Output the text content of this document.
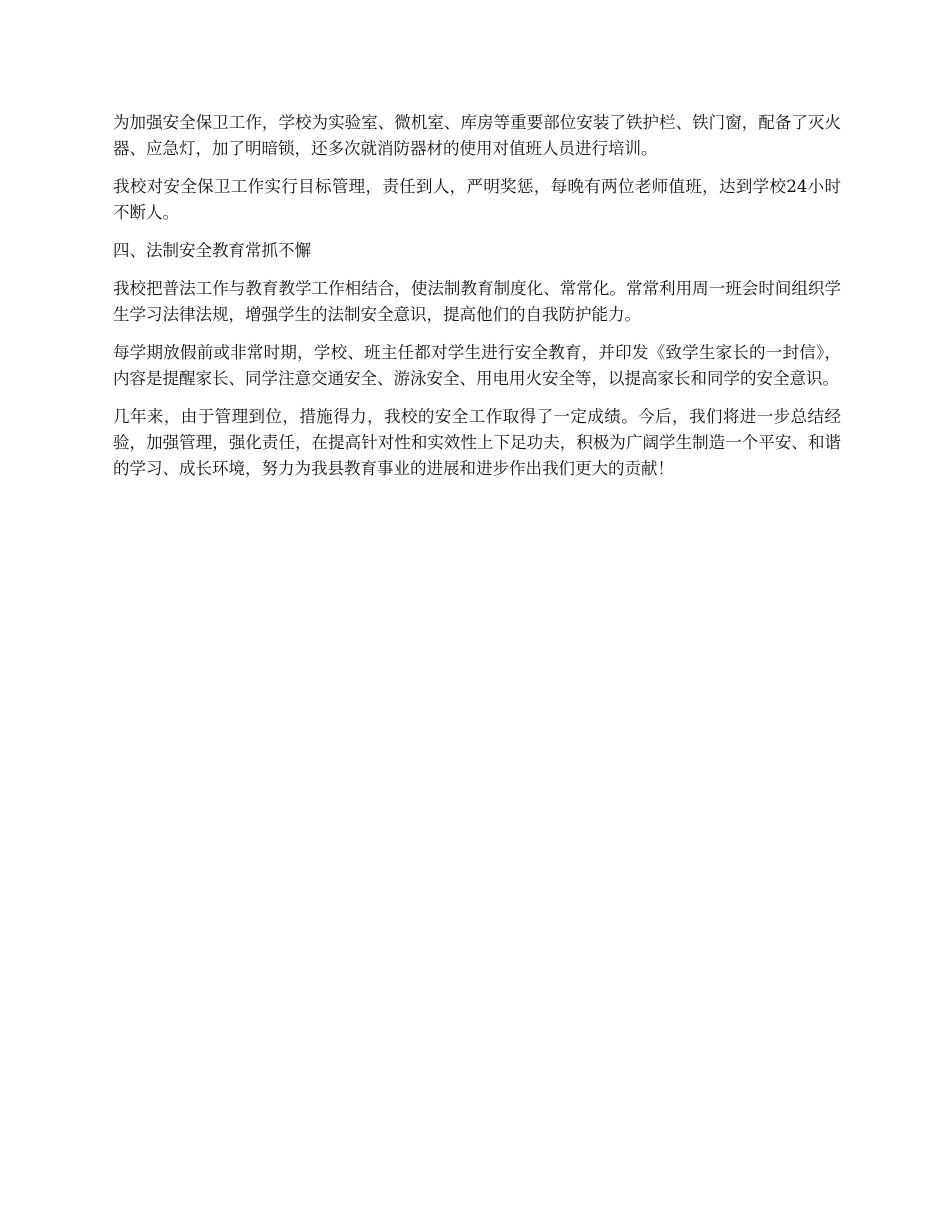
为加强安全保卫工作，学校为实验室、微机室、库房等重要部位安装了铁护栏、铁门窗，配备了灭火器、应急灯，加了明暗锁，还多次就消防器材的使用对值班人员进行培训。

我校对安全保卫工作实行目标管理，责任到人，严明奖惩，每晚有两位老师值班，达到学校24小时不断人。

四、法制安全教育常抓不懈

我校把普法工作与教育教学工作相结合，使法制教育制度化、常常化。常常利用周一班会时间组织学生学习法律法规，增强学生的法制安全意识，提高他们的自我防护能力。

每学期放假前或非常时期，学校、班主任都对学生进行安全教育，并印发《致学生家长的一封信》，内容是提醒家长、同学注意交通安全、游泳安全、用电用火安全等，以提高家长和同学的安全意识。

几年来，由于管理到位，措施得力，我校的安全工作取得了一定成绩。今后，我们将进一步总结经验，加强管理，强化责任，在提高针对性和实效性上下足功夫，积极为广阔学生制造一个平安、和谐的学习、成长环境，努力为我县教育事业的进展和进步作出我们更大的贡献！
